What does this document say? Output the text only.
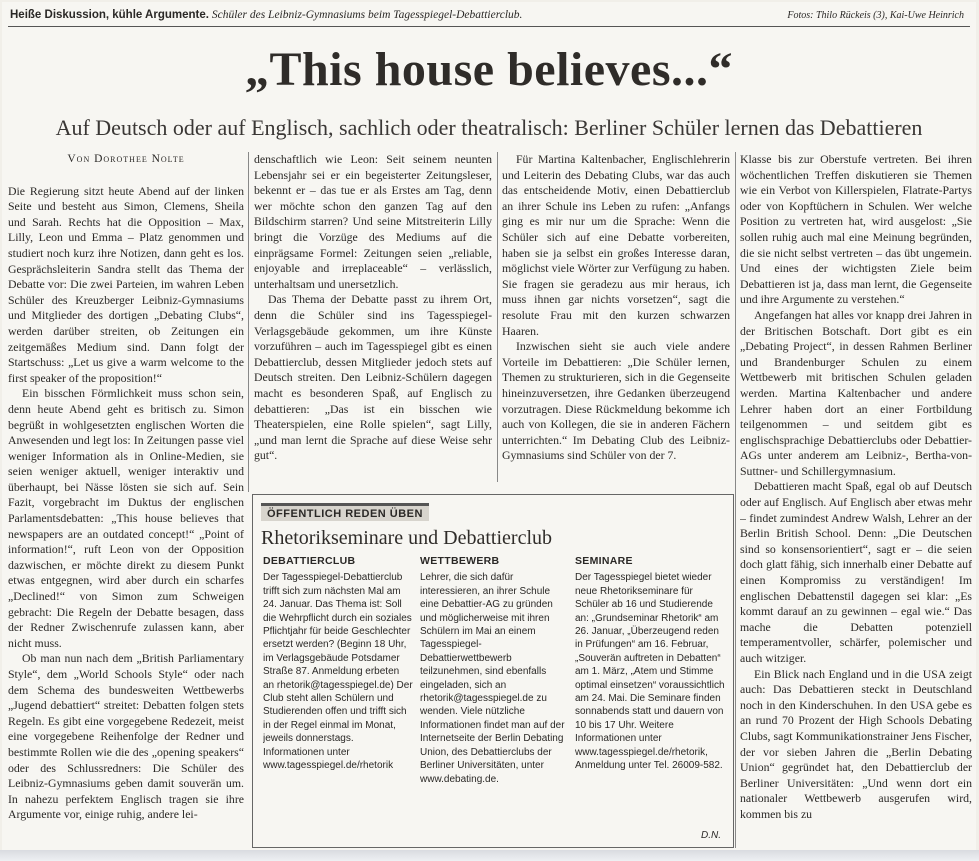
Heiße Diskussion, kühle Argumente. Schüler des Leibniz-Gymnasiums beim Tagesspiegel-Debattierclub.	Fotos: Thilo Rückeis (3), Kai-Uwe Heinrich
„This house believes...“
Auf Deutsch oder auf Englisch, sachlich oder theatralisch: Berliner Schüler lernen das Debattieren
Von Dorothee Nolte

Die Regierung sitzt heute Abend auf der linken Seite und besteht aus Simon, Clemens, Sheila und Sarah. Rechts hat die Opposition – Max, Lilly, Leon und Emma – Platz genommen und studiert noch kurz ihre Notizen, dann geht es los. Gesprächsleiterin Sandra stellt das Thema der Debatte vor: Die zwei Parteien, im wahren Leben Schüler des Kreuzberger Leibniz-Gymnasiums und Mitglieder des dortigen „Debating Clubs“, werden darüber streiten, ob Zeitungen ein zeitgemäßes Medium sind. Dann folgt der Startschuss: „Let us give a warm welcome to the first speaker of the proposition!“

Ein bisschen Förmlichkeit muss schon sein, denn heute Abend geht es britisch zu. Simon begrüßt in wohlgesetzten englischen Worten die Anwesenden und legt los: In Zeitungen passe viel weniger Information als in Online-Medien, sie seien weniger aktuell, weniger interaktiv und überhaupt, bei Nässe lösten sie sich auf. Sein Fazit, vorgebracht im Duktus der englischen Parlamentsdebatten: „This house believes that newspapers are an outdated concept!“ „Point of information!“, ruft Leon von der Opposition dazwischen, er möchte direkt zu diesem Punkt etwas entgegnen, wird aber durch ein scharfes „Declined!“ von Simon zum Schweigen gebracht: Die Regeln der Debatte besagen, dass der Redner Zwischenrufe zulassen kann, aber nicht muss.

Ob man nun nach dem „British Parliamentary Style“, dem „World Schools Style“ oder nach dem Schema des bundesweiten Wettbewerbs „Jugend debattiert“ streitet: Debatten folgen stets Regeln. Es gibt eine vorgegebene Redezeit, meist eine vorgegebene Reihenfolge der Redner und bestimmte Rollen wie die des „opening speakers“ oder des Schlussredners: Die Schüler des Leibniz-Gymnasiums geben damit souverän um. In nahezu perfektem Englisch tragen sie ihre Argumente vor, einige ruhig, andere lei-

denschaftlich wie Leon: Seit seinem neunten Lebensjahr sei er ein begeisterter Zeitungsleser, bekennt er – das tue er als Erstes am Tag, denn wer möchte schon den ganzen Tag auf den Bildschirm starren? Und seine Mitstreiterin Lilly bringt die Vorzüge des Mediums auf die einprägsame Formel: Zeitungen seien „reliable, enjoyable and irreplaceable“ – verlässlich, unterhaltsam und unersetzlich.

Das Thema der Debatte passt zu ihrem Ort, denn die Schüler sind ins Tagesspiegel-Verlagsgebäude gekommen, um ihre Künste vorzuführen – auch im Tagesspiegel gibt es einen Debattierclub, dessen Mitglieder jedoch stets auf Deutsch streiten. Den Leibniz-Schülern dagegen macht es besonderen Spaß, auf Englisch zu debattieren: „Das ist ein bisschen wie Theaterspielen, eine Rolle spielen“, sagt Lilly, „und man lernt die Sprache auf diese Weise sehr gut“.

Für Martina Kaltenbacher, Englischlehrerin und Leiterin des Debating Clubs, war das auch das entscheidende Motiv, einen Debattierclub an ihrer Schule ins Leben zu rufen: „Anfangs ging es mir nur um die Sprache: Wenn die Schüler sich auf eine Debatte vorbereiten, haben sie ja selbst ein großes Interesse daran, möglichst viele Wörter zur Verfügung zu haben. Sie fragen sie geradezu aus mir heraus, ich muss ihnen gar nichts vorsetzen“, sagt die resolute Frau mit den kurzen schwarzen Haaren.

Inzwischen sieht sie auch viele andere Vorteile im Debattieren: „Die Schüler lernen, Themen zu strukturieren, sich in die Gegenseite hineinzuversetzen, ihre Gedanken überzeugend vorzutragen. Diese Rückmeldung bekomme ich auch von Kollegen, die sie in anderen Fächern unterrichten.“ Im Debating Club des Leibniz-Gymnasiums sind Schüler von der 7.

Klasse bis zur Oberstufe vertreten. Bei ihren wöchentlichen Treffen diskutieren sie Themen wie ein Verbot von Killerspielen, Flatrate-Partys oder von Kopftüchern in Schulen. Wer welche Position zu vertreten hat, wird ausgelost: „Sie sollen ruhig auch mal eine Meinung begründen, die sie nicht selbst vertreten – das übt ungemein. Und eines der wichtigsten Ziele beim Debattieren ist ja, dass man lernt, die Gegenseite und ihre Argumente zu verstehen.“

Angefangen hat alles vor knapp drei Jahren in der Britischen Botschaft. Dort gibt es ein „Debating Project“, in dessen Rahmen Berliner und Brandenburger Schulen zu einem Wettbewerb mit britischen Schulen geladen werden. Martina Kaltenbacher und andere Lehrer haben dort an einer Fortbildung teilgenommen – und seitdem gibt es englischsprachige Debattierclubs oder Debattier-AGs unter anderem am Leibniz-, Bertha-von-Suttner- und Schillergymnasium.

Debattieren macht Spaß, egal ob auf Deutsch oder auf Englisch. Auf Englisch aber etwas mehr – findet zumindest Andrew Walsh, Lehrer an der Berlin British School. Denn: „Die Deutschen sind so konsensorientiert“, sagt er – die seien doch glatt fähig, sich innerhalb einer Debatte auf einen Kompromiss zu verständigen! Im englischen Debattenstil dagegen sei klar: „Es kommt darauf an zu gewinnen – egal wie.“ Das mache die Debatten potenziell temperamentvoller, schärfer, polemischer und auch witziger.

Ein Blick nach England und in die USA zeigt auch: Das Debattieren steckt in Deutschland noch in den Kinderschuhen. In den USA gebe es an rund 70 Prozent der High Schools Debating Clubs, sagt Kommunikationstrainer Jens Fischer, der vor sieben Jahren die „Berlin Debating Union“ gegründet hat, den Debattierclub der Berliner Universitäten: „Und wenn dort ein nationaler Wettbewerb ausgerufen wird, kommen bis zu

ÖFFENTLICH REDEN ÜBEN
Rhetorikseminare und Debattierclub
DEBATTIERCLUB
Der Tagesspiegel-Debattierclub trifft sich zum nächsten Mal am 24. Januar. Das Thema ist: Soll die Wehrpflicht durch ein soziales Pflichtjahr für beide Geschlechter ersetzt werden? (Beginn 18 Uhr, im Verlagsgebäude Potsdamer Straße 87. Anmeldung erbeten an rhetorik@tagesspiegel.de) Der Club steht allen Schülern und Studierenden offen und trifft sich in der Regel einmal im Monat, jeweils donnerstags. Informationen unter www.tagesspiegel.de/rhetorik
WETTBEWERB
Lehrer, die sich dafür interessieren, an ihrer Schule eine Debattier-AG zu gründen und möglicherweise mit ihren Schülern im Mai an einem Tagesspiegel-Debattierwettbewerb teilzunehmen, sind ebenfalls eingeladen, sich an rhetorik@tagesspiegel.de zu wenden. Viele nützliche Informationen findet man auf der Internetseite der Berlin Debating Union, des Debattierclubs der Berliner Universitäten, unter www.debating.de.
SEMINARE
Der Tagesspiegel bietet wieder neue Rhetorikseminare für Schüler ab 16 und Studierende an: „Grundseminar Rhetorik“ am 26. Januar, „Überzeugend reden in Prüfungen“ am 16. Februar, „Souverän auftreten in Debatten“ am 1. März, „Atem und Stimme optimal einsetzen“ voraussichtlich am 24. Mai. Die Seminare finden sonnabends statt und dauern von 10 bis 17 Uhr. Weitere Informationen unter www.tagesspiegel.de/rhetorik, Anmeldung unter Tel. 26009-582.
D.N.
